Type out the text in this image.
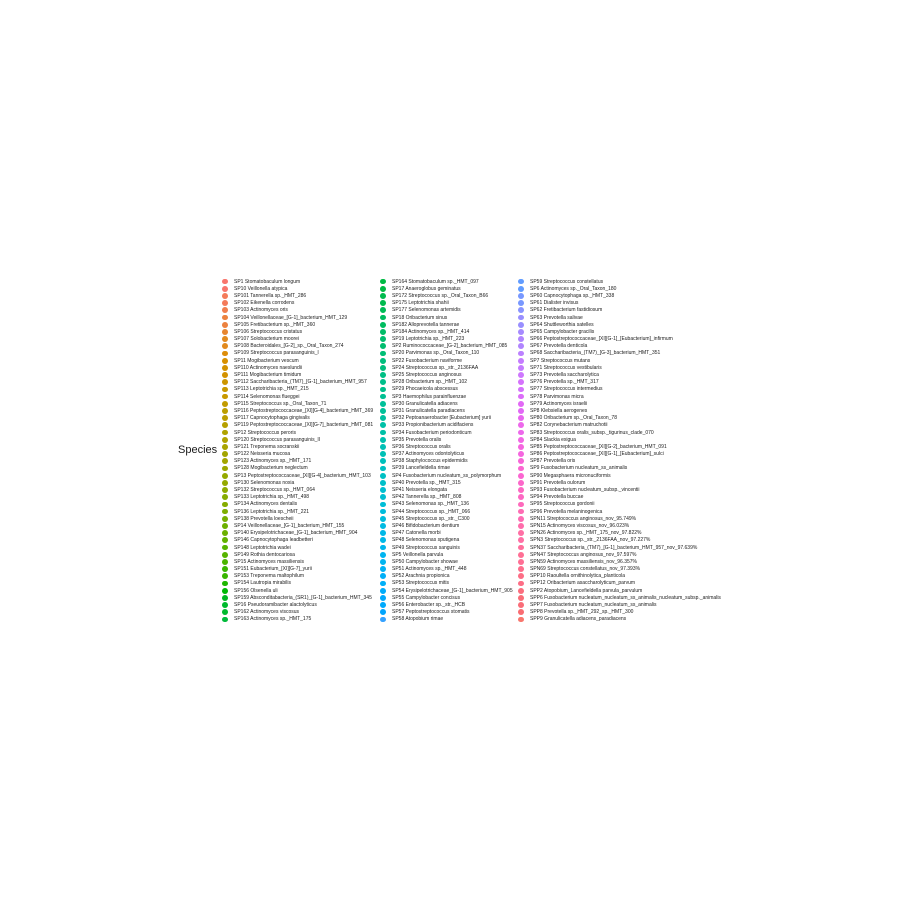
Species
SP1 Stomatobaculum longum
SP10 Veillonella atypica
SP101 Tannerella sp._HMT_286
SP102 Eikenella corrodens
SP103 Actinomyces oris
SP104 Veillonellaceae_[G-1]_bacterium_HMT_129
SP105 Fretibacterium sp._HMT_360
SP106 Streptococcus cristatus
SP107 Solobacterium moorei
SP108 Bacteroidales_[G-2]_sp._Oral_Taxon_274
SP109 Streptococcus parasanguinis_I
SP11 Mogibacterium vescum
SP110 Actinomyces naeslundii
SP111 Mogibacterium timidum
SP112 Saccharibacteria_(TM7)_[G-1]_bacterium_HMT_957
SP113 Leptotrichia sp._HMT_215
SP114 Selenomonas flueggei
SP115 Streptococcus sp._Oral_Taxon_71
SP116 Peptostreptococcaceae_[XI][G-4]_bacterium_HMT_369
SP117 Capnocytophaga gingivalis
SP119 Peptostreptococcaceae_[XI][G-7]_bacterium_HMT_081
SP12 Streptococcus peroris
SP120 Streptococcus parasanguinis_II
SP121 Treponema socranskii
SP122 Neisseria mucosa
SP123 Actinomyces sp._HMT_171
SP128 Mogibacterium neglectum
SP13 Peptostreptococcaceae_[XI][G-4]_bacterium_HMT_103
SP130 Selenomonas noxia
SP132 Streptococcus sp._HMT_064
SP133 Leptotrichia sp._HMT_498
SP134 Actinomyces dentalis
SP136 Leptotrichia sp._HMT_221
SP138 Prevotella loescheii
SP14 Veillonellaceae_[G-1]_bacterium_HMT_155
SP140 Erysipelotrichaceae_[G-1]_bacterium_HMT_904
SP146 Capnocytophaga leadbetteri
SP148 Leptotrichia wadei
SP149 Rothia dentocariosa
SP15 Actinomyces massiliensis
SP151 Eubacterium_[XI][G-7]_yurii
SP153 Treponema maltophilum
SP154 Lautropia mirabilis
SP156 Olsenella uli
SP159 Absconditabacteria_(SR1)_[G-1]_bacterium_HMT_345
SP16 Pseudoramibacter alactolyticus
SP162 Actinomyces viscosus
SP163 Actinomyces sp._HMT_175
SP164 Stomatobaculum sp._HMT_097
SP17 Anaeroglobus geminatus
SP172 Streptococcus sp._Oral_Taxon_B66
SP175 Leptotrichia shahii
SP177 Selenomonas artemidis
SP18 Oribacterium sinus
SP182 Alloprevotella tannerae
SP184 Actinomyces sp._HMT_414
SP19 Leptotrichia sp._HMT_223
SP2 Ruminococcaceae_[G-2]_bacterium_HMT_085
SP20 Parvimonas sp._Oral_Taxon_110
SP22 Fusobacterium naviforme
SP24 Streptococcus sp._str._2136FAA
SP25 Streptococcus anginosus
SP28 Oribacterium sp._HMT_102
SP29 Phocaeicola abscessus
SP3 Haemophilus parainfluenzae
SP30 Granulicatella adiacens
SP31 Granulicatella paradiacens
SP32 Peptoanaerobacter [Eubacterium] yurii
SP33 Propionibacterium acidifaciens
SP34 Fusobacterium periodonticum
SP35 Prevotella oralis
SP36 Streptococcus oralis
SP37 Actinomyces odontolyticus
SP38 Staphylococcus epidermidis
SP39 Lancefieldella rimae
SP4 Fusobacterium nucleatum_ss_polymorphum
SP40 Prevotella sp._HMT_315
SP41 Neisseria elongata
SP42 Tannerella sp._HMT_808
SP43 Selenomonas sp._HMT_136
SP44 Streptococcus sp._HMT_066
SP45 Streptococcus sp._str._C300
SP46 Bifidobacterium dentium
SP47 Catonella morbi
SP48 Selenomonas sputigena
SP49 Streptococcus sanguinis
SP5 Veillonella parvula
SP50 Campylobacter showae
SP51 Actinomyces sp._HMT_448
SP52 Arachnia propionica
SP53 Streptococcus mitis
SP54 Erysipelotrichaceae_[G-1]_bacterium_HMT_905
SP55 Campylobacter concisus
SP56 Enterobacter sp._str._HCB
SP57 Peptostreptococcus stomatis
SP58 Atopobium rimae
SP59 Streptococcus constellatus
SP6 Actinomyces sp._Oral_Taxon_180
SP60 Capnocytophaga sp._HMT_338
SP61 Dialister invisus
SP62 Fretibacterium fastidiosum
SP63 Prevotella salivae
SP64 Shuttleworthia satelles
SP65 Campylobacter gracilis
SP66 Peptostreptococcaceae_[XI][G-1]_[Eubacterium]_infirmum
SP67 Prevotella denticola
SP68 Saccharibacteria_(TM7)_[G-3]_bacterium_HMT_351
SP7 Streptococcus mutans
SP71 Streptococcus vestibularis
SP73 Prevotella saccharolytica
SP76 Prevotella sp._HMT_317
SP77 Streptococcus intermedius
SP78 Parvimonas micra
SP79 Actinomyces israelii
SP8 Klebsiella aerogenes
SP80 Oribacterium sp._Oral_Taxon_78
SP82 Corynebacterium matruchotii
SP83 Streptococcus oralis_subsp._tigurinus_clade_070
SP84 Slackia exigua
SP85 Peptostreptococcaceae_[XI][G-2]_bacterium_HMT_091
SP86 Peptostreptococcaceae_[XI][G-1]_[Eubacterium]_sulci
SP87 Prevotella oris
SP9 Fusobacterium nucleatum_ss_animalis
SP90 Megasphaera micronuciformis
SP91 Prevotella oulorum
SP93 Fusobacterium nucleatum_subsp._vincentii
SP94 Prevotella buccae
SP95 Streptococcus gordonii
SP96 Prevotella melaninogenica
SPN11 Streptococcus anginosus_nov_95.749%
SPN15 Actinomyces viscosus_nov_96.023%
SPN26 Actinomyces sp._HMT_175_nov_97.822%
SPN3 Streptococcus sp._str._2136FAA_nov_97.227%
SPN37 Saccharibacteria_(TM7)_[G-1]_bacterium_HMT_957_nov_97.639%
SPN47 Streptococcus anginosus_nov_97.597%
SPN59 Actinomyces massiliensis_nov_96.357%
SPN69 Streptococcus constellatus_nov_97.393%
SPP10 Raoultella ornithinolytica_planticola
SPP12 Oribacterium asaccharolyticum_parvum
SPP2 Atopobium_Lancefieldella parvula_parvulum
SPP6 Fusobacterium nucleatum_nucleatum_ss_animalis_nucleatum_subsp._animalis
SPP7 Fusobacterium nucleatum_nucleatum_ss_animalis
SPP8 Prevotella sp._HMT_292_sp._HMT_300
SPP9 Granulicatella adiacens_paradiacens
